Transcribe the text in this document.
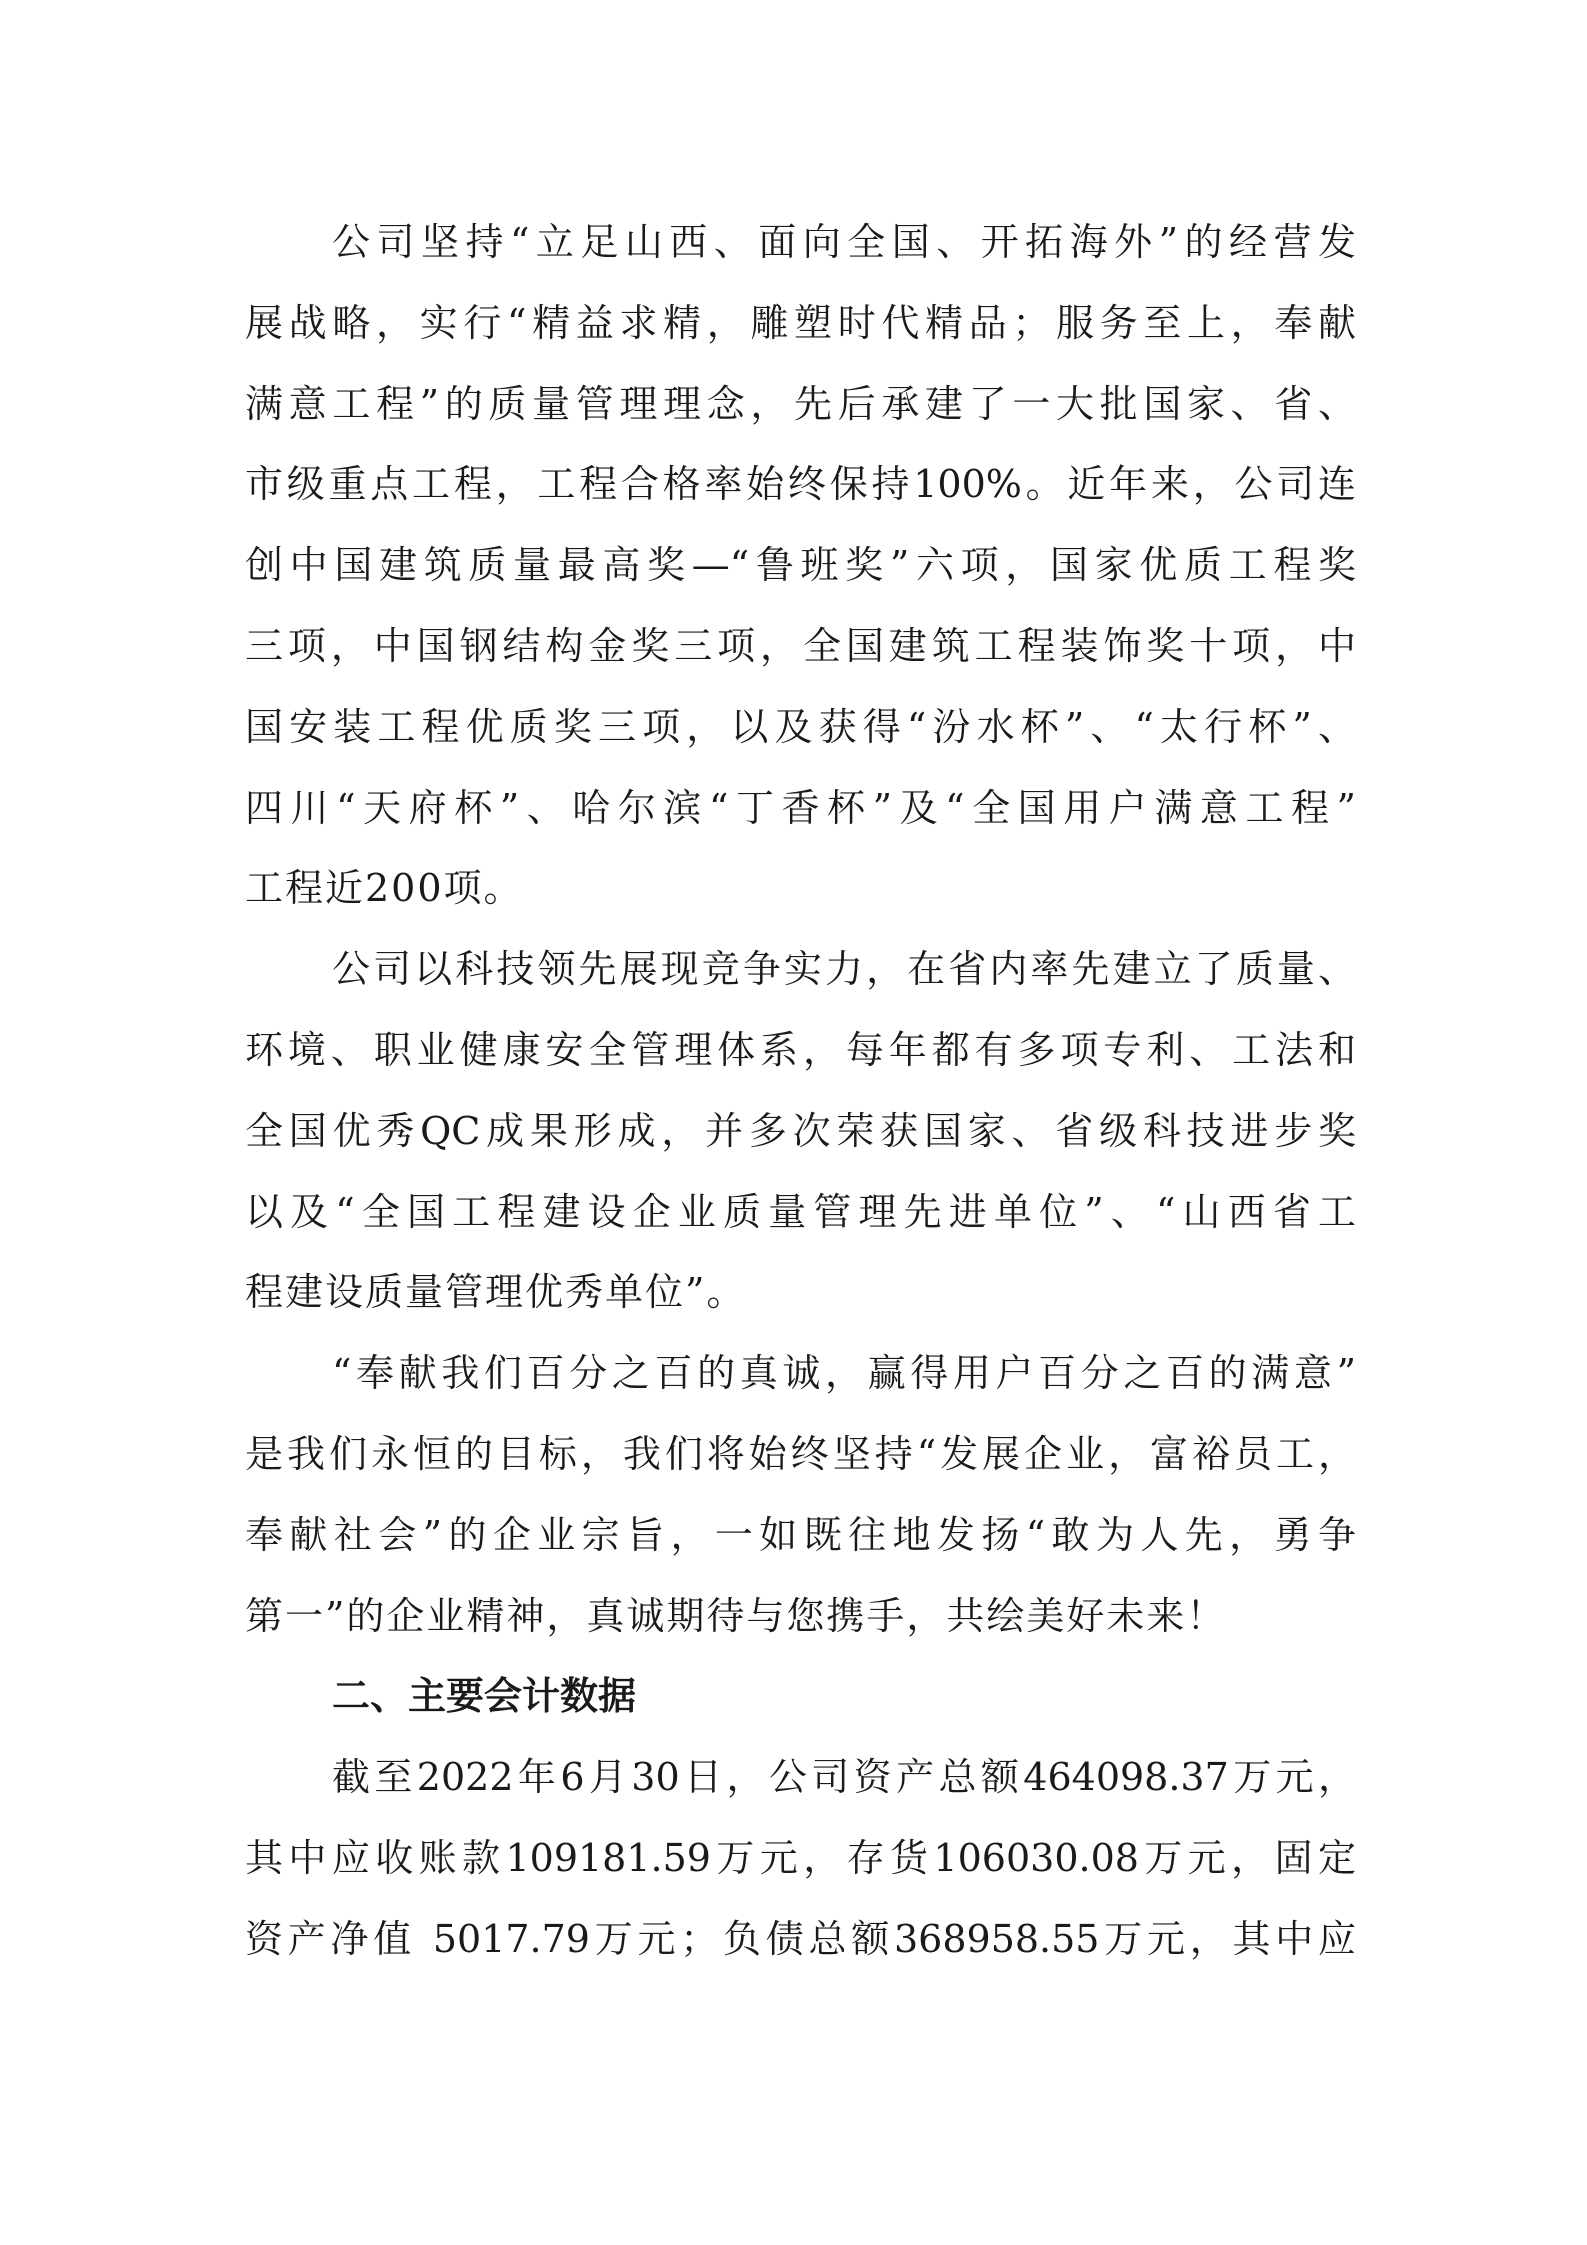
公司坚持“立足山西、面向全国、开拓海外”的经营发
展战略，实行“精益求精，雕塑时代精品；服务至上，奉献
满意工程”的质量管理理念，先后承建了一大批国家、省、
市级重点工程，工程合格率始终保持100%。近年来，公司连
创中国建筑质量最高奖—“鲁班奖”六项，国家优质工程奖
三项，中国钢结构金奖三项，全国建筑工程装饰奖十项，中
国安装工程优质奖三项，以及获得“汾水杯”、“太行杯”、
四川“天府杯”、哈尔滨“丁香杯”及“全国用户满意工程”
工程近200项。
公司以科技领先展现竞争实力，在省内率先建立了质量、
环境、职业健康安全管理体系，每年都有多项专利、工法和
全国优秀QC成果形成，并多次荣获国家、省级科技进步奖
以及“全国工程建设企业质量管理先进单位”、“山西省工
程建设质量管理优秀单位”。
“奉献我们百分之百的真诚，赢得用户百分之百的满意”
是我们永恒的目标，我们将始终坚持“发展企业，富裕员工，
奉献社会”的企业宗旨，一如既往地发扬“敢为人先，勇争
第一”的企业精神，真诚期待与您携手，共绘美好未来！
二、主要会计数据
截至2022年6月30日，公司资产总额464098.37万元，
其中应收账款109181.59万元，存货106030.08万元，固定
资产净值 5017.79万元；负债总额368958.55万元，其中应
